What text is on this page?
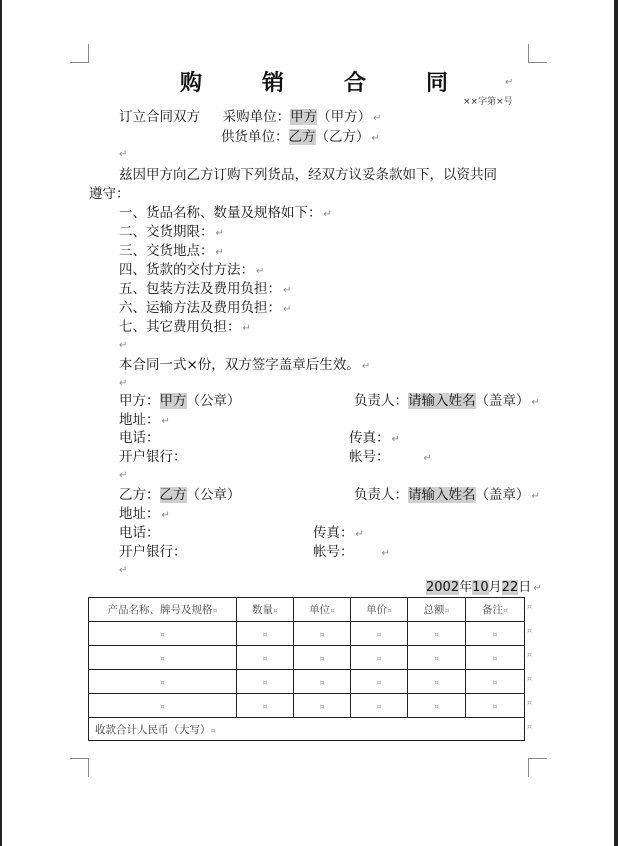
购	销	合	同	↵
××字第×号
订立合同双方 采购单位：甲方（甲方） ↵
供货单位：乙方（乙方） ↵
↵
兹因甲方向乙方订购下列货品，经双方议妥条款如下，以资共同
遵守：
一、货品名称、数量及规格如下： ↵
二、交货期限： ↵
三、交货地点： ↵
四、货款的交付方法： ↵
五、包装方法及费用负担： ↵
六、运输方法及费用负担： ↵
七、其它费用负担： ↵
↵
本合同一式×份，双方签字盖章后生效。 ↵
↵
甲方：甲方（公章）	负责人：请输入姓名（盖章） ↵
地址： ↵
电话：	传真： ↵
开户银行：	帐号：	↵
↵
乙方：乙方（公章）	负责人：请输入姓名（盖章） ↵
地址： ↵
电话：	传真： ↵
开户银行：	帐号：	↵
↵
2002年10月22日 ↵
产品名称、牌号及规格¤	数量¤	单位¤	单价¤	总额¤	备注¤
¤	¤	¤	¤	¤	¤
¤	¤	¤	¤	¤	¤
¤	¤	¤	¤	¤	¤
¤	¤	¤	¤	¤	¤
收款合计人民币（大写）¤					
¤
¤
¤
¤
¤
¤
